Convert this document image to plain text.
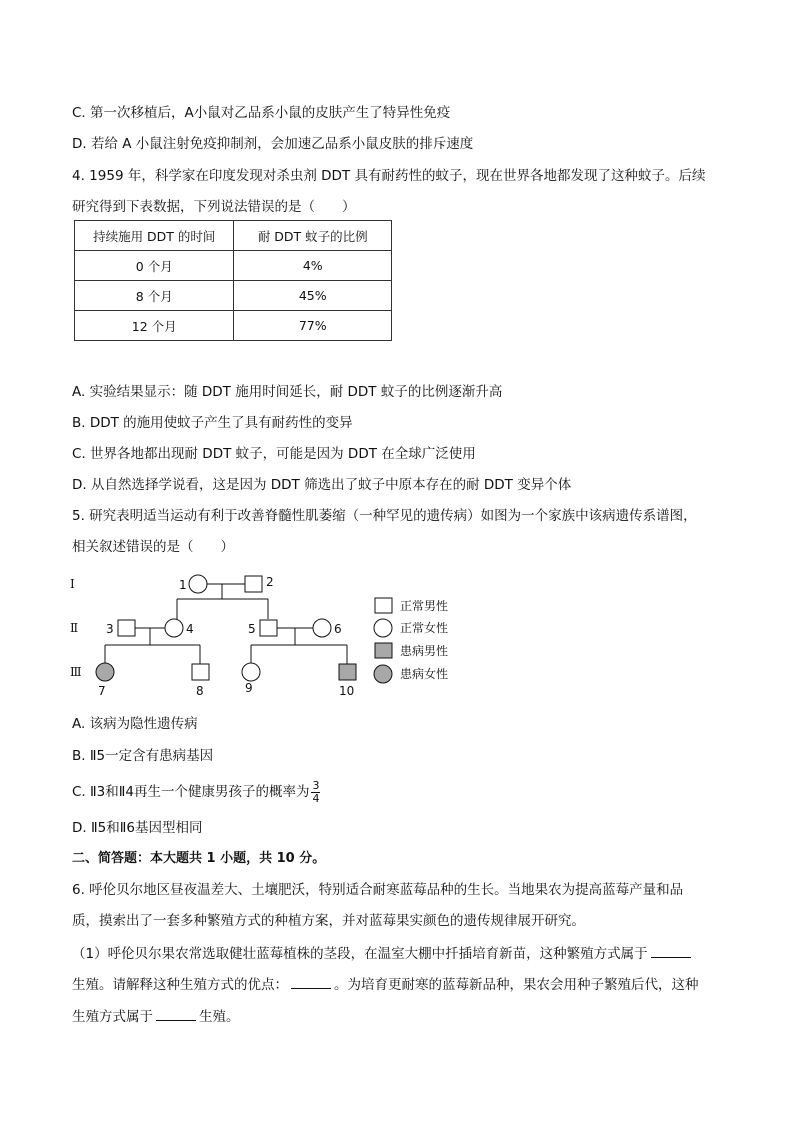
C. 第一次移植后，A小鼠对乙品系小鼠的皮肤产生了特异性免疫
D. 若给 A 小鼠注射免疫抑制剂，会加速乙品系小鼠皮肤的排斥速度
4. 1959 年，科学家在印度发现对杀虫剂 DDT 具有耐药性的蚊子，现在世界各地都发现了这种蚊子。后续
研究得到下表数据，下列说法错误的是（　　）
持续施用 DDT 的时间	耐 DDT 蚊子的比例
0 个月	4%
8 个月	45%
12 个月	77%
A. 实验结果显示：随 DDT 施用时间延长，耐 DDT 蚊子的比例逐渐升高
B. DDT 的施用使蚊子产生了具有耐药性的变异
C. 世界各地都出现耐 DDT 蚊子，可能是因为 DDT 在全球广泛使用
D. 从自然选择学说看，这是因为 DDT 筛选出了蚊子中原本存在的耐 DDT 变异个体
5. 研究表明适当运动有利于改善脊髓性肌萎缩（一种罕见的遗传病）如图为一个家族中该病遗传系谱图，
相关叙述错误的是（　　）
Ⅰ
Ⅱ
Ⅲ
1	2
3	4	5	6
7	8	9	10
正常男性
正常女性
患病男性
患病女性
A. 该病为隐性遗传病
B. Ⅱ5一定含有患病基因
C. Ⅱ3和Ⅱ4再生一个健康男孩子的概率为 $\frac{3}{4}$
D. Ⅱ5和Ⅱ6基因型相同
二、简答题：本大题共 1 小题，共 10 分。
6. 呼伦贝尔地区昼夜温差大、土壤肥沃，特别适合耐寒蓝莓品种的生长。当地果农为提高蓝莓产量和品
质，摸索出了一套多种繁殖方式的种植方案，并对蓝莓果实颜色的遗传规律展开研究。
（1）呼伦贝尔果农常选取健壮蓝莓植株的茎段，在温室大棚中扦插培育新苗，这种繁殖方式属于
生殖。请解释这种生殖方式的优点：	。为培育更耐寒的蓝莓新品种，果农会用种子繁殖后代，这种
生殖方式属于	生殖。
